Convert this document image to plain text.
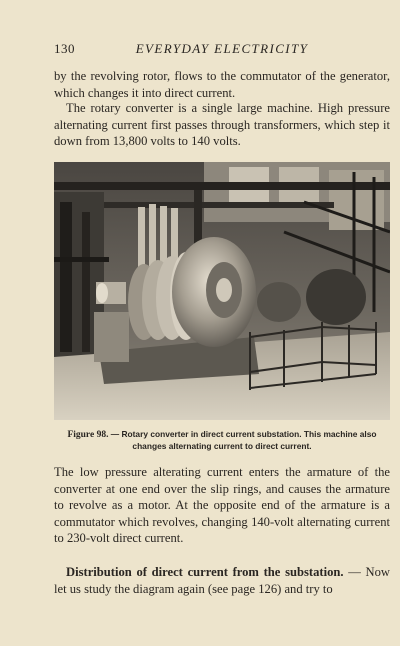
130	EVERYDAY ELECTRICITY

by the revolving rotor, flows to the commutator of the generator, which changes it into direct current.

The rotary converter is a single large machine. High pressure alternating current first passes through transformers, which step it down from 13,800 volts to 140 volts.

Figure 98. — Rotary converter in direct current substation. This machine also changes alternating current to direct current.

The low pressure alterating current enters the armature of the converter at one end over the slip rings, and causes the armature to revolve as a motor. At the opposite end of the armature is a commutator which revolves, changing 140-volt alternating current to 230-volt direct current.

Distribution of direct current from the substation. — Now let us study the diagram again (see page 126) and try to
